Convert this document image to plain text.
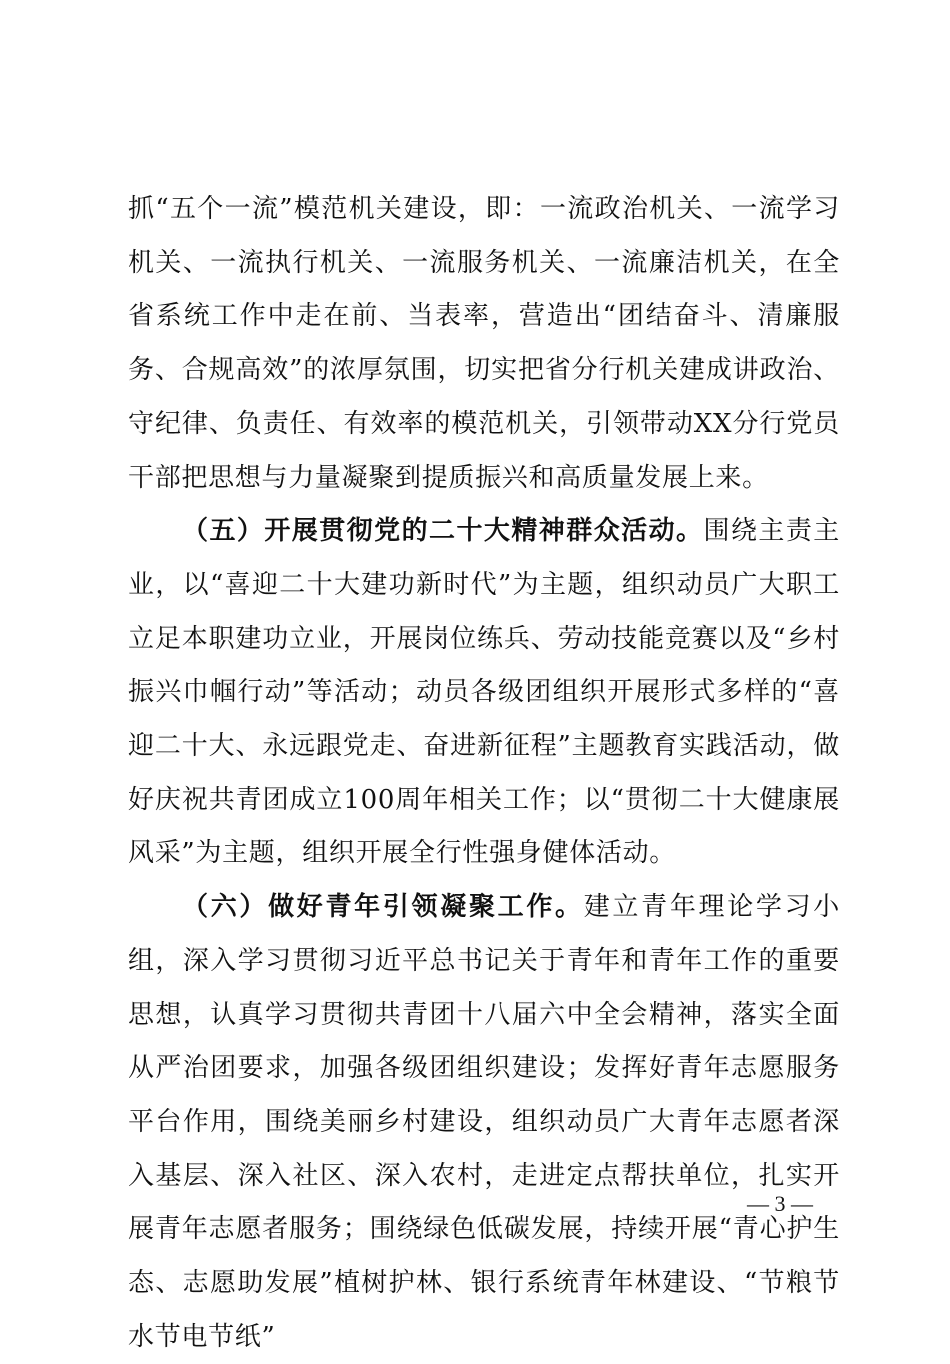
抓“五个一流”模范机关建设，即：一流政治机关、一流学习机关、一流执行机关、一流服务机关、一流廉洁机关，在全省系统工作中走在前、当表率，营造出“团结奋斗、清廉服务、合规高效”的浓厚氛围，切实把省分行机关建成讲政治、守纪律、负责任、有效率的模范机关，引领带动XX分行党员干部把思想与力量凝聚到提质振兴和高质量发展上来。

（五）开展贯彻党的二十大精神群众活动。围绕主责主业，以“喜迎二十大建功新时代”为主题，组织动员广大职工立足本职建功立业，开展岗位练兵、劳动技能竞赛以及“乡村振兴巾帼行动”等活动；动员各级团组织开展形式多样的“喜迎二十大、永远跟党走、奋进新征程”主题教育实践活动，做好庆祝共青团成立100周年相关工作；以“贯彻二十大健康展风采”为主题，组织开展全行性强身健体活动。

（六）做好青年引领凝聚工作。建立青年理论学习小组，深入学习贯彻习近平总书记关于青年和青年工作的重要思想，认真学习贯彻共青团十八届六中全会精神，落实全面从严治团要求，加强各级团组织建设；发挥好青年志愿服务平台作用，围绕美丽乡村建设，组织动员广大青年志愿者深入基层、深入社区、深入农村，走进定点帮扶单位，扎实开展青年志愿者服务；围绕绿色低碳发展，持续开展“青心护生态、志愿助发展”植树护林、银行系统青年林建设、“节粮节水节电节纸”

— 3 —
